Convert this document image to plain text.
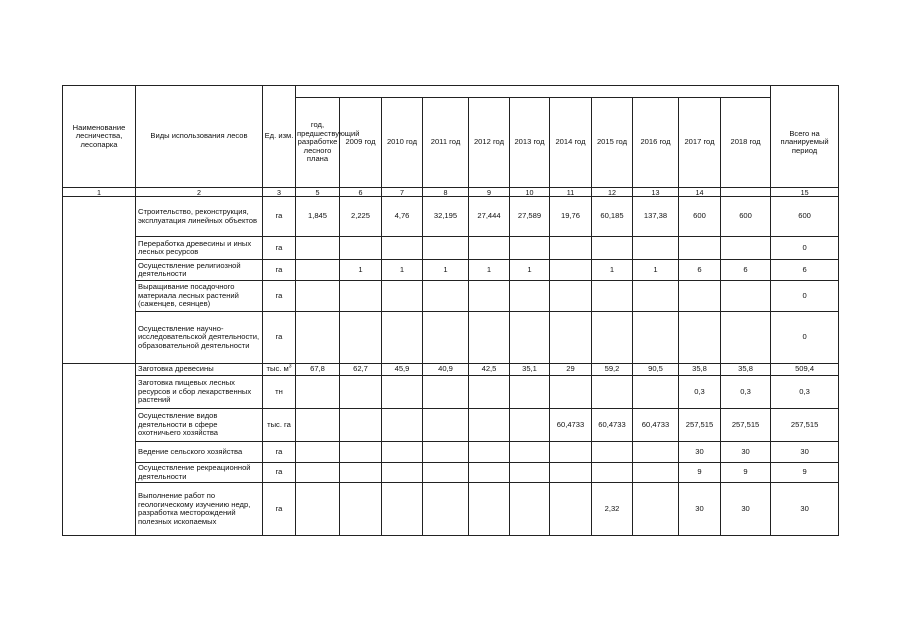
Наименование лесничества, лесопарка	Виды использования лесов	Ед. изм.												
			год, предшествующий разработке лесного плана	2009 год	2010 год	2011 год	2012 год	2013 год	2014 год	2015 год	2016 год	2017 год	2018 год	Всего на планируемый период
1	2	3	5	6	7	8	9	10	11	12	13	14		15
	Строительство, реконструкция, эксплуатация линейных объектов	га	1,845	2,225	4,76	32,195	27,444	27,589	19,76	60,185	137,38	600	600	600
	Переработка древесины и иных лесных ресурсов	га												0
	Осуществление религиозной деятельности	га		1	1	1	1	1		1	1	6	6	6
	Выращивание посадочного материала лесных растений (саженцев, сеянцев)	га												0
	Осуществление научно-исследовательской деятельности, образовательной деятельности	га												0
	Заготовка древесины	тыс. $м^3$	67,8	62,7	45,9	40,9	42,5	35,1	29	59,2	90,5	35,8	35,8	509,4
	Заготовка пищевых лесных ресурсов и сбор лекарственных растений	тн										0,3	0,3	0,3
	Осуществление видов деятельности в сфере охотничьего хозяйства	тыс. га							60,4733	60,4733	60,4733	257,515	257,515	257,515
	Ведение сельского хозяйства	га										30	30	30
	Осуществление рекреационной деятельности	га										9	9	9
	Выполнение работ по геологическому изучению недр, разработка месторождений полезных ископаемых	га								2,32		30	30	30
